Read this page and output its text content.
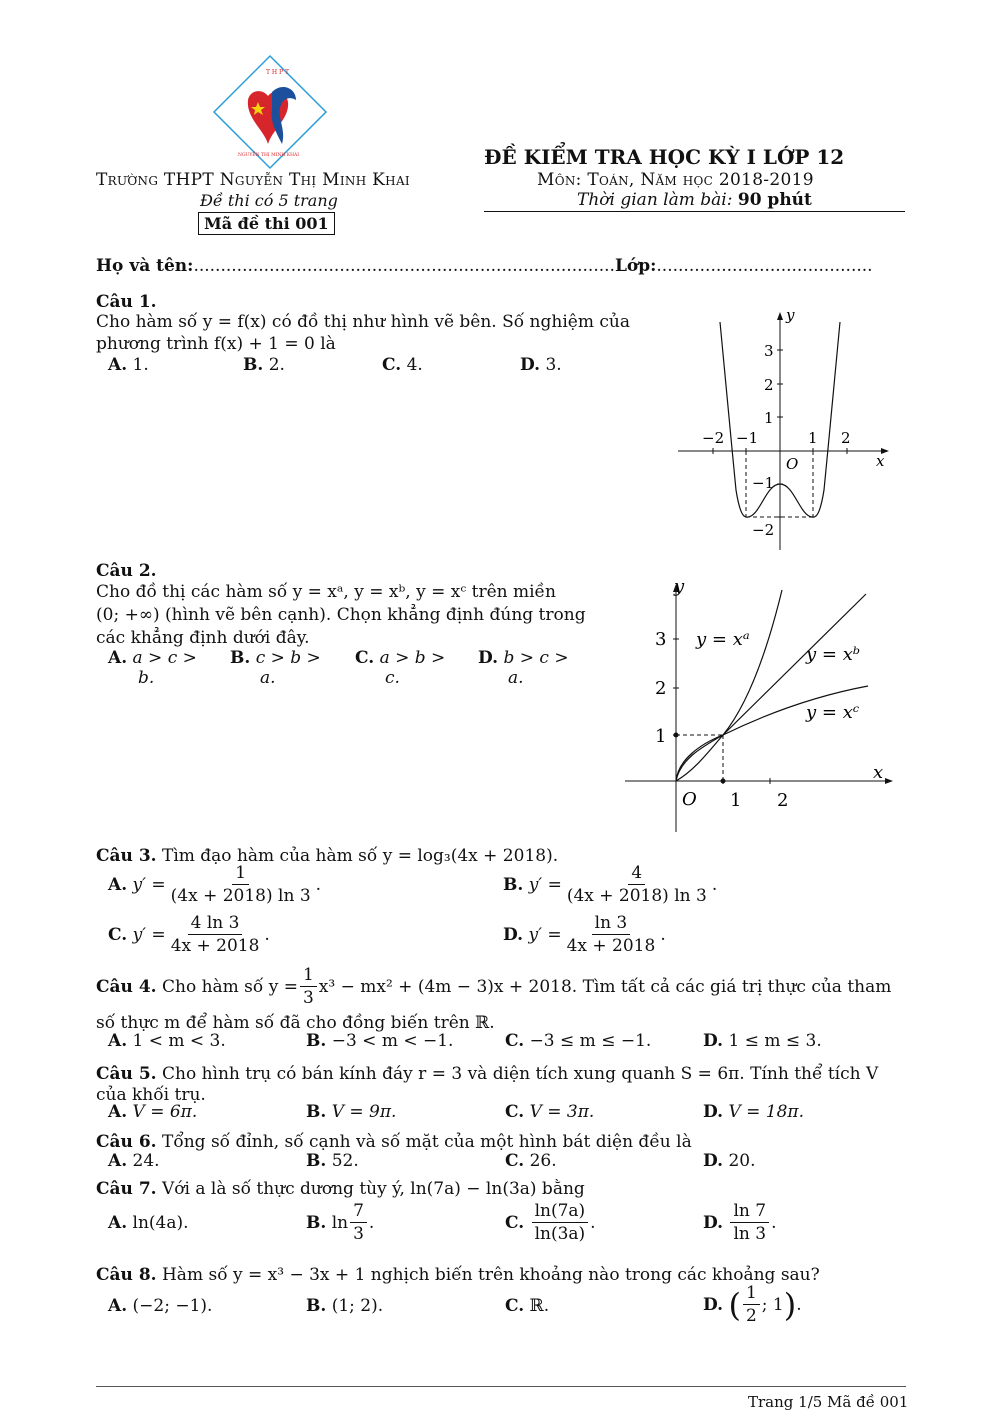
T H P T
NGUYỄN THỊ MINH KHAI
Trường THPT Nguyễn Thị Minh Khai
Đề thi có 5 trang
Mã đề thi 001
ĐỀ KIỂM TRA HỌC KỲ I LỚP 12
Môn: Toán, Năm học 2018-2019
Thời gian làm bài: 90 phút
Họ và tên:..............................................................................Lớp:........................................
Câu 1.
Cho hàm số y = f(x) có đồ thị như hình vẽ bên. Số nghiệm của
phương trình f(x) + 1 = 0 là
A. 1.	B. 2.	C. 4.	D. 3.
y
x
O
3
2
1
−1
−2
−2 −1	1 2
Câu 2.
Cho đồ thị các hàm số y = xᵃ, y = xᵇ, y = xᶜ trên miền
(0; +∞) (hình vẽ bên cạnh). Chọn khẳng định đúng trong
các khẳng định dưới đây.
A. a > c >
b.
B. c > b >
a.
C. a > b >
c.
D. b > c >
a.
y
x
O
3
2
1
1 2
y = xᵃ
y = xᵇ
y = xᶜ
Câu 3. Tìm đạo hàm của hàm số y = log₃(4x + 2018).
A.
$y' = \frac{1}{(4x + 2018) \ln 3}$ .	B.
$y' = \frac{4}{(4x + 2018) \ln 3}$ .
C.
$y' = \frac{4 \ln 3}{4x + 2018}$ .	D.
$y' = \frac{\ln 3}{4x + 2018}$ .
Câu 4.
Cho hàm số $y = \frac{1}{3} x^3 - mx^2 + (4m - 3)x + 2018$. Tìm tất cả các giá trị thực của tham
số thực m để hàm số đã cho đồng biến trên ℝ.
A. 1 < m < 3.	B. −3 < m < −1.	C. −3 ≤ m ≤ −1.	D. 1 ≤ m ≤ 3.
Câu 5. Cho hình trụ có bán kính đáy r = 3 và diện tích xung quanh S = 6π. Tính thể tích V
của khối trụ.
A. V = 6π.	B. V = 9π.	C. V = 3π.	D. V = 18π.
Câu 6. Tổng số đỉnh, số cạnh và số mặt của một hình bát diện đều là
A. 24.	B. 52.	C. 26.	D. 20.
Câu 7. Với a là số thực dương tùy ý, ln(7a) − ln(3a) bằng
A. ln(4a).	B.
$\ln \frac{7}{3}$ .	C.
$\frac{\ln(7a)}{\ln(3a)}$ .	D.
$\frac{\ln 7}{\ln 3}$ .
Câu 8. Hàm số y = x³ − 3x + 1 nghịch biến trên khoảng nào trong các khoảng sau?
A. (−2; −1).	B. (1; 2).	C. ℝ.	D.
( $\frac{1}{2}$ ; 1 ) .
Trang 1/5 Mã đề 001
